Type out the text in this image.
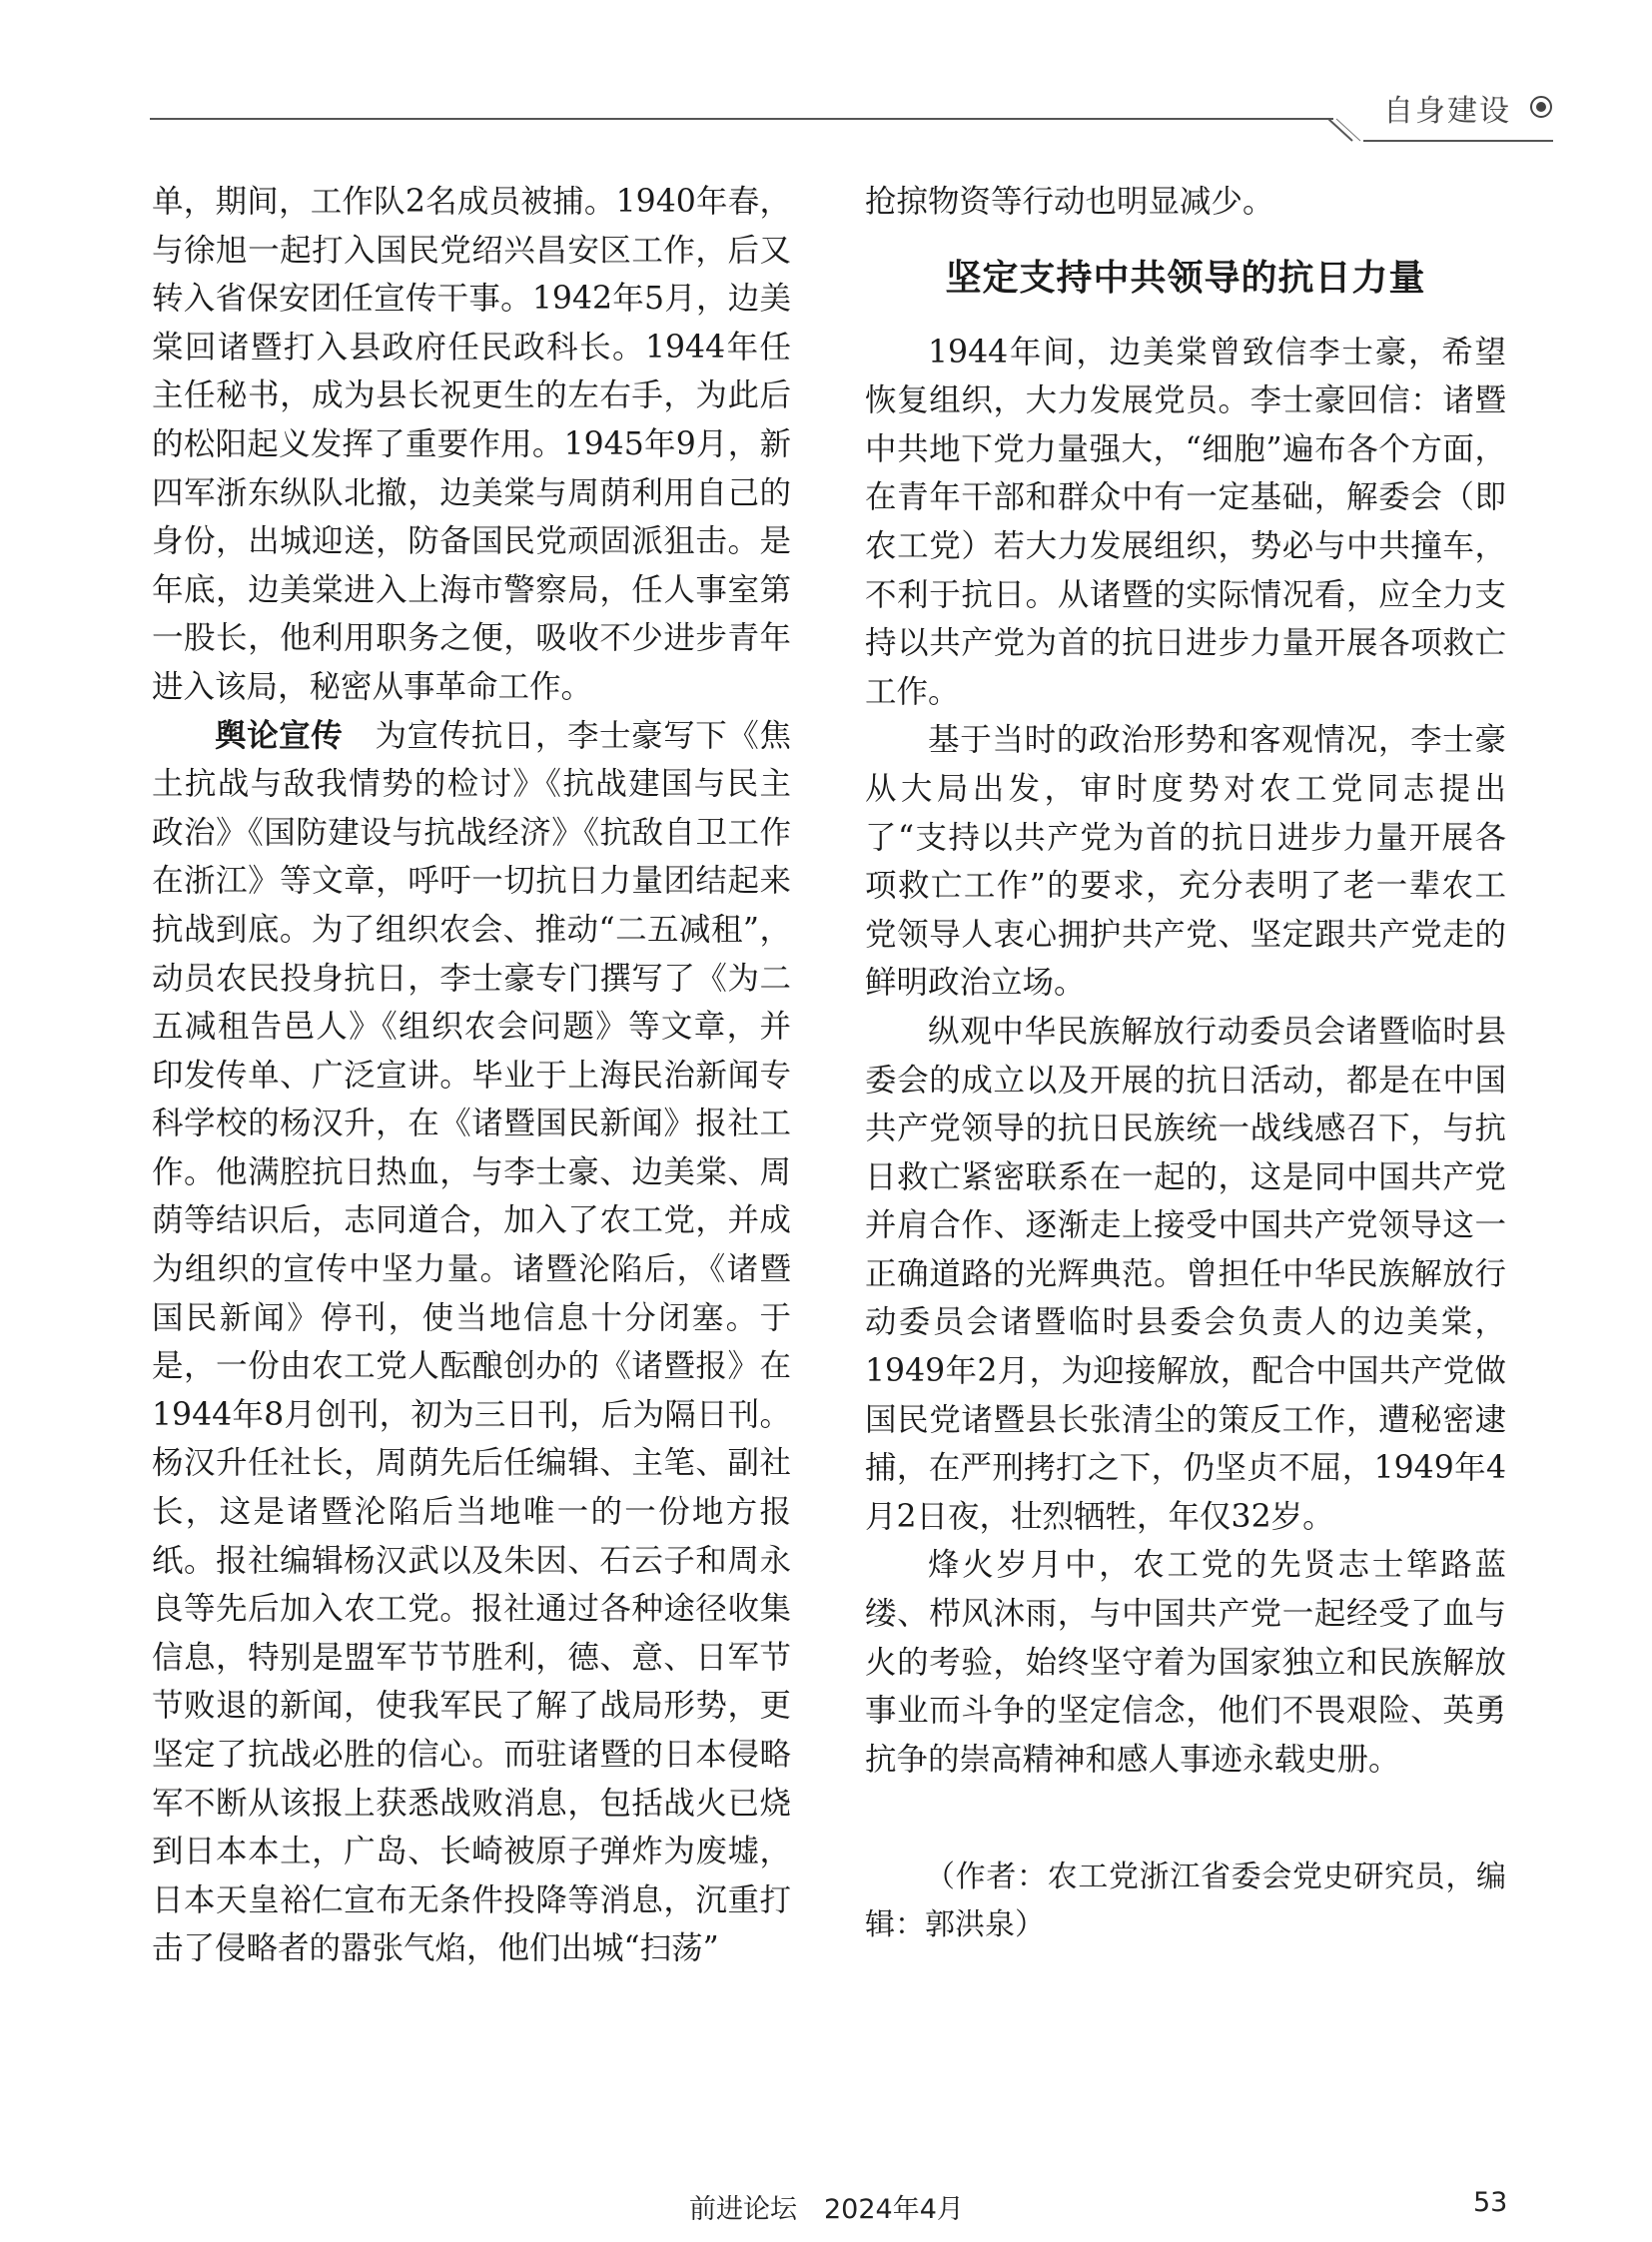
自身建设

单，期间，工作队2名成员被捕。1940年春，与徐旭一起打入国民党绍兴昌安区工作，后又转入省保安团任宣传干事。1942年5月，边美棠回诸暨打入县政府任民政科长。1944年任主任秘书，成为县长祝更生的左右手，为此后的松阳起义发挥了重要作用。1945年9月，新四军浙东纵队北撤，边美棠与周荫利用自己的身份，出城迎送，防备国民党顽固派狙击。是年底，边美棠进入上海市警察局，任人事室第一股长，他利用职务之便，吸收不少进步青年进入该局，秘密从事革命工作。

舆论宣传　为宣传抗日，李士豪写下《焦土抗战与敌我情势的检讨》《抗战建国与民主政治》《国防建设与抗战经济》《抗敌自卫工作在浙江》等文章，呼吁一切抗日力量团结起来抗战到底。为了组织农会、推动“二五减租”，动员农民投身抗日，李士豪专门撰写了《为二五减租告邑人》《组织农会问题》等文章，并印发传单、广泛宣讲。毕业于上海民治新闻专科学校的杨汉升，在《诸暨国民新闻》报社工作。他满腔抗日热血，与李士豪、边美棠、周荫等结识后，志同道合，加入了农工党，并成为组织的宣传中坚力量。诸暨沦陷后，《诸暨国民新闻》停刊，使当地信息十分闭塞。于是，一份由农工党人酝酿创办的《诸暨报》在1944年8月创刊，初为三日刊，后为隔日刊。杨汉升任社长，周荫先后任编辑、主笔、副社长，这是诸暨沦陷后当地唯一的一份地方报纸。报社编辑杨汉武以及朱因、石云子和周永良等先后加入农工党。报社通过各种途径收集信息，特别是盟军节节胜利，德、意、日军节节败退的新闻，使我军民了解了战局形势，更坚定了抗战必胜的信心。而驻诸暨的日本侵略军不断从该报上获悉战败消息，包括战火已烧到日本本土，广岛、长崎被原子弹炸为废墟，日本天皇裕仁宣布无条件投降等消息，沉重打击了侵略者的嚣张气焰，他们出城“扫荡”

抢掠物资等行动也明显减少。

坚定支持中共领导的抗日力量

1944年间，边美棠曾致信李士豪，希望恢复组织，大力发展党员。李士豪回信：诸暨中共地下党力量强大，“细胞”遍布各个方面，在青年干部和群众中有一定基础，解委会（即农工党）若大力发展组织，势必与中共撞车，不利于抗日。从诸暨的实际情况看，应全力支持以共产党为首的抗日进步力量开展各项救亡工作。

基于当时的政治形势和客观情况，李士豪从大局出发，审时度势对农工党同志提出了“支持以共产党为首的抗日进步力量开展各项救亡工作”的要求，充分表明了老一辈农工党领导人衷心拥护共产党、坚定跟共产党走的鲜明政治立场。

纵观中华民族解放行动委员会诸暨临时县委会的成立以及开展的抗日活动，都是在中国共产党领导的抗日民族统一战线感召下，与抗日救亡紧密联系在一起的，这是同中国共产党并肩合作、逐渐走上接受中国共产党领导这一正确道路的光辉典范。曾担任中华民族解放行动委员会诸暨临时县委会负责人的边美棠，1949年2月，为迎接解放，配合中国共产党做国民党诸暨县长张清尘的策反工作，遭秘密逮捕，在严刑拷打之下，仍坚贞不屈，1949年4月2日夜，壮烈牺牲，年仅32岁。

烽火岁月中，农工党的先贤志士筚路蓝缕、栉风沐雨，与中国共产党一起经受了血与火的考验，始终坚守着为国家独立和民族解放事业而斗争的坚定信念，他们不畏艰险、英勇抗争的崇高精神和感人事迹永载史册。

（作者：农工党浙江省委会党史研究员，编辑：郭洪泉）

前进论坛 2024年4月	53
